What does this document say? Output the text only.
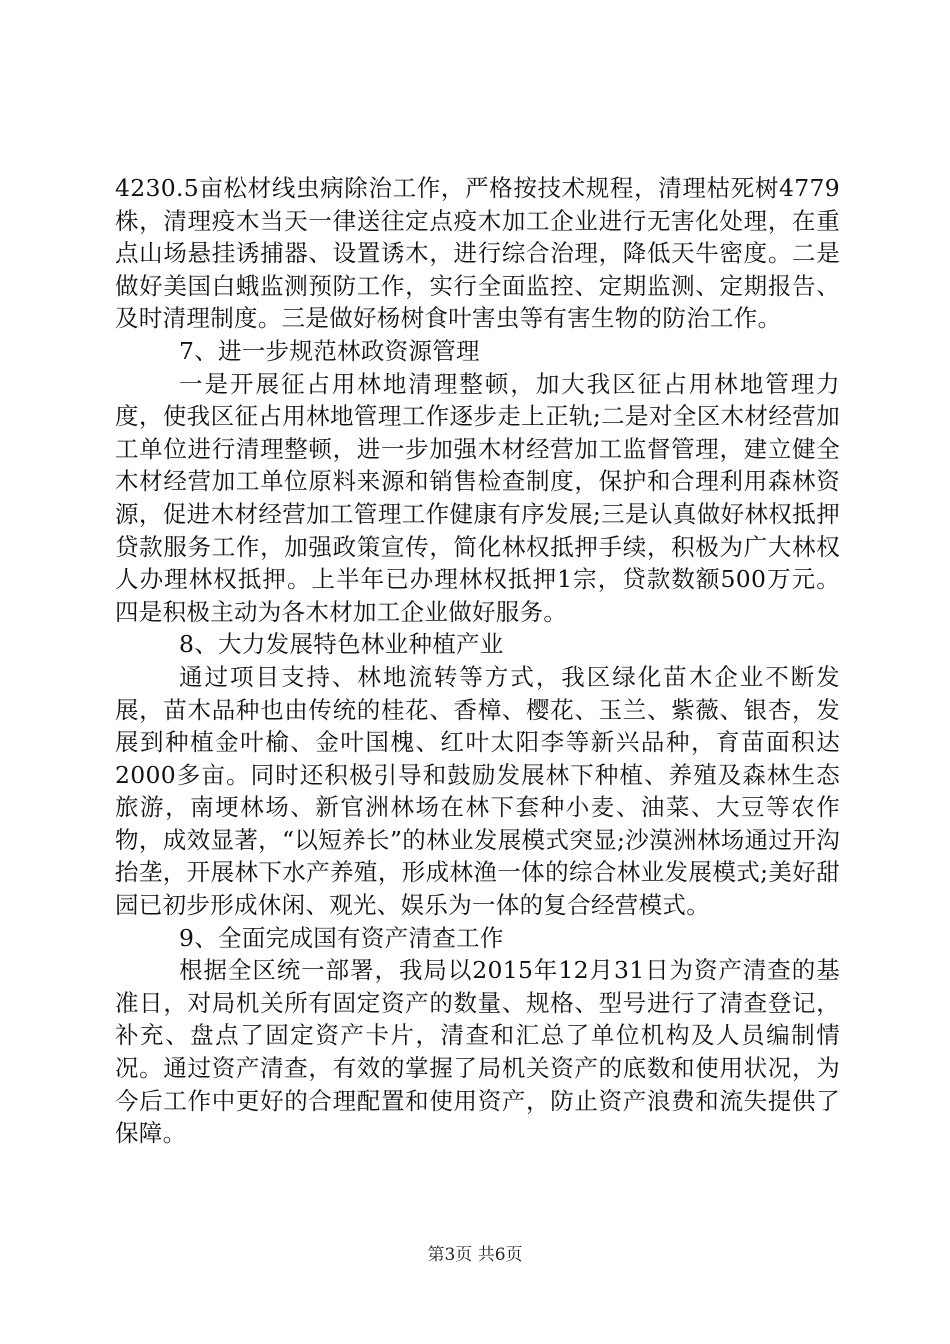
4230.5亩松材线虫病除治工作，严格按技术规程，清理枯死树4779株，清理疫木当天一律送往定点疫木加工企业进行无害化处理，在重点山场悬挂诱捕器、设置诱木，进行综合治理，降低天牛密度。二是做好美国白蛾监测预防工作，实行全面监控、定期监测、定期报告、及时清理制度。三是做好杨树食叶害虫等有害生物的防治工作。

7、进一步规范林政资源管理

一是开展征占用林地清理整顿，加大我区征占用林地管理力度，使我区征占用林地管理工作逐步走上正轨;二是对全区木材经营加工单位进行清理整顿，进一步加强木材经营加工监督管理，建立健全木材经营加工单位原料来源和销售检查制度，保护和合理利用森林资源，促进木材经营加工管理工作健康有序发展;三是认真做好林权抵押贷款服务工作，加强政策宣传，简化林权抵押手续，积极为广大林权人办理林权抵押。上半年已办理林权抵押1宗，贷款数额500万元。四是积极主动为各木材加工企业做好服务。

8、大力发展特色林业种植产业

通过项目支持、林地流转等方式，我区绿化苗木企业不断发展，苗木品种也由传统的桂花、香樟、樱花、玉兰、紫薇、银杏，发展到种植金叶榆、金叶国槐、红叶太阳李等新兴品种，育苗面积达2000多亩。同时还积极引导和鼓励发展林下种植、养殖及森林生态旅游，南埂林场、新官洲林场在林下套种小麦、油菜、大豆等农作物，成效显著，“以短养长”的林业发展模式突显;沙漠洲林场通过开沟抬垄，开展林下水产养殖，形成林渔一体的综合林业发展模式;美好甜园已初步形成休闲、观光、娱乐为一体的复合经营模式。

9、全面完成国有资产清查工作

根据全区统一部署，我局以2015年12月31日为资产清查的基准日，对局机关所有固定资产的数量、规格、型号进行了清查登记，补充、盘点了固定资产卡片，清查和汇总了单位机构及人员编制情况。通过资产清查，有效的掌握了局机关资产的底数和使用状况，为今后工作中更好的合理配置和使用资产，防止资产浪费和流失提供了保障。

第3页 共6页
